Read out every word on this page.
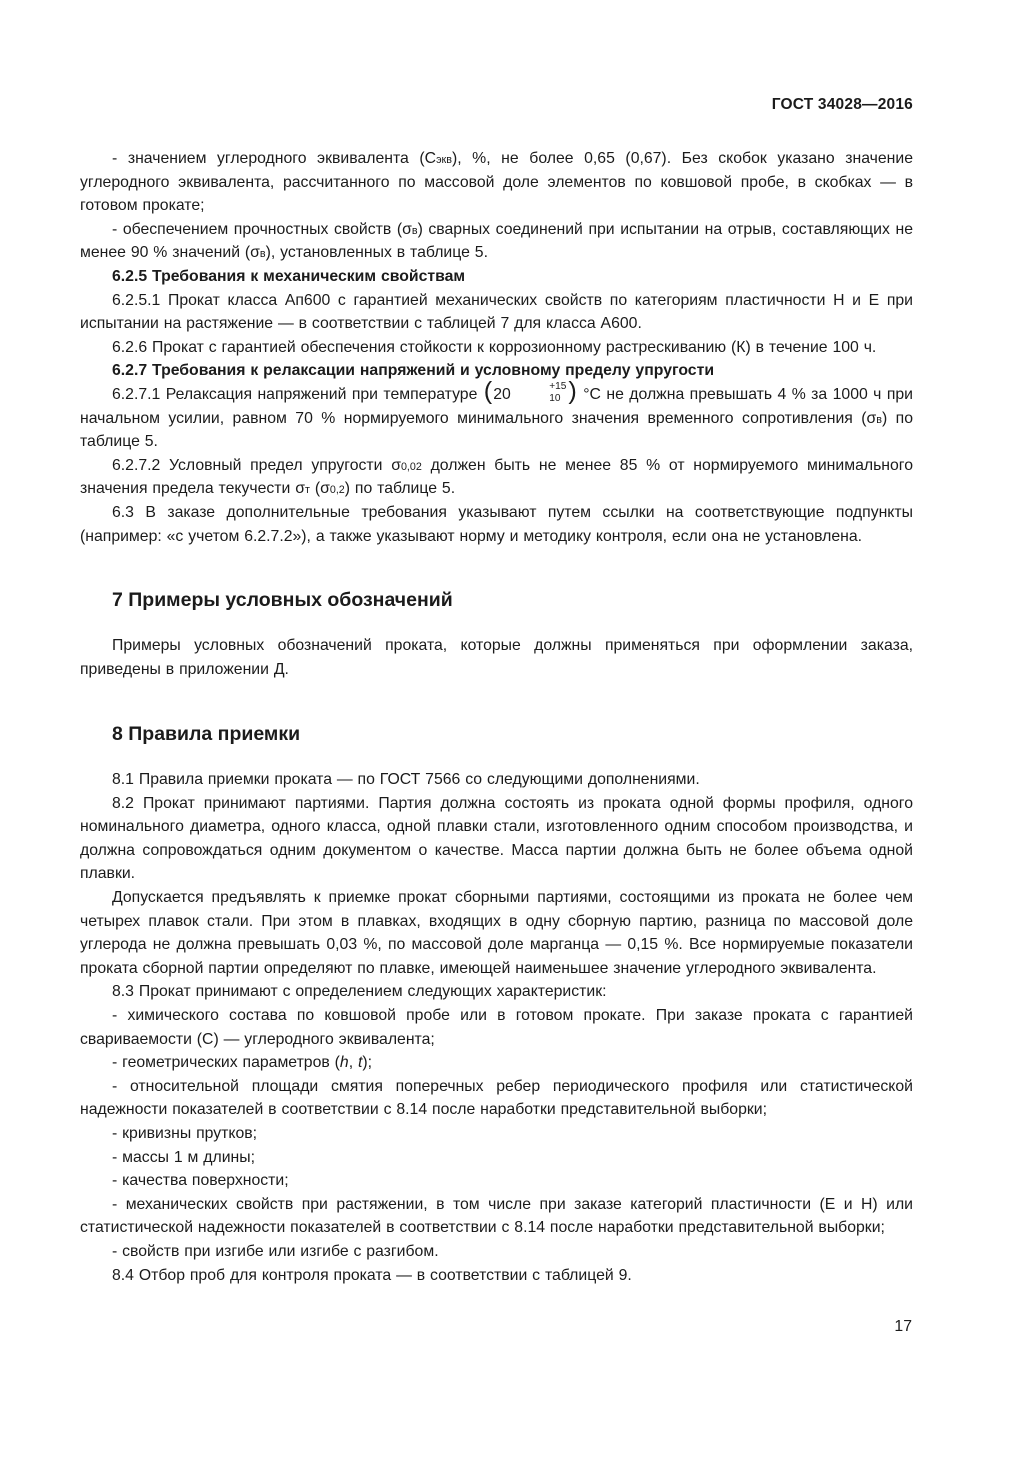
ГОСТ 34028—2016

- значением углеродного эквивалента $(С_{экв})$, %, не более 0,65 (0,67). Без скобок указано значение углеродного эквивалента, рассчитанного по массовой доле элементов по ковшовой пробе, в скобках — в готовом прокате;

- обеспечением прочностных свойств $(\sigma_в)$ сварных соединений при испытании на отрыв, составляющих не менее 90 % значений $(\sigma_в)$, установленных в таблице 5.

6.2.5 Требования к механическим свойствам

6.2.5.1 Прокат класса Ап600 с гарантией механических свойств по категориям пластичности Н и Е при испытании на растяжение — в соответствии с таблицей 7 для класса А600.

6.2.6 Прокат с гарантией обеспечения стойкости к коррозионному растрескиванию (К) в течение 100 ч.

6.2.7 Требования к релаксации напряжений и условному пределу упругости

6.2.7.1 Релаксация напряжений при температуре (20	+15
10 ) °С не должна превышать 4 % за 1000 ч при начальном усилии, равном 70 % нормируемого минимального значения временного сопротивления $(\sigma_в)$ по таблице 5.

6.2.7.2 Условный предел упругости $\sigma_{0,02}$ должен быть не менее 85 % от нормируемого минимального значения предела текучести $\sigma_т$ $(\sigma_{0,2})$ по таблице 5.

6.3 В заказе дополнительные требования указывают путем ссылки на соответствующие подпункты (например: «с учетом 6.2.7.2»), а также указывают норму и методику контроля, если она не установлена.

7 Примеры условных обозначений

Примеры условных обозначений проката, которые должны применяться при оформлении заказа, приведены в приложении Д.

8 Правила приемки

8.1 Правила приемки проката — по ГОСТ 7566 со следующими дополнениями.

8.2 Прокат принимают партиями. Партия должна состоять из проката одной формы профиля, одного номинального диаметра, одного класса, одной плавки стали, изготовленного одним способом производства, и должна сопровождаться одним документом о качестве. Масса партии должна быть не более объема одной плавки.

Допускается предъявлять к приемке прокат сборными партиями, состоящими из проката не более чем четырех плавок стали. При этом в плавках, входящих в одну сборную партию, разница по массовой доле углерода не должна превышать 0,03 %, по массовой доле марганца — 0,15 %. Все нормируемые показатели проката сборной партии определяют по плавке, имеющей наименьшее значение углеродного эквивалента.

8.3 Прокат принимают с определением следующих характеристик:

- химического состава по ковшовой пробе или в готовом прокате. При заказе проката с гарантией свариваемости (С) — углеродного эквивалента;

- геометрических параметров (h, t);

- относительной площади смятия поперечных ребер периодического профиля или статистической надежности показателей в соответствии с 8.14 после наработки представительной выборки;

- кривизны прутков;

- массы 1 м длины;

- качества поверхности;

- механических свойств при растяжении, в том числе при заказе категорий пластичности (Е и Н) или статистической надежности показателей в соответствии с 8.14 после наработки представительной выборки;

- свойств при изгибе или изгибе с разгибом.

8.4 Отбор проб для контроля проката — в соответствии с таблицей 9.

17
